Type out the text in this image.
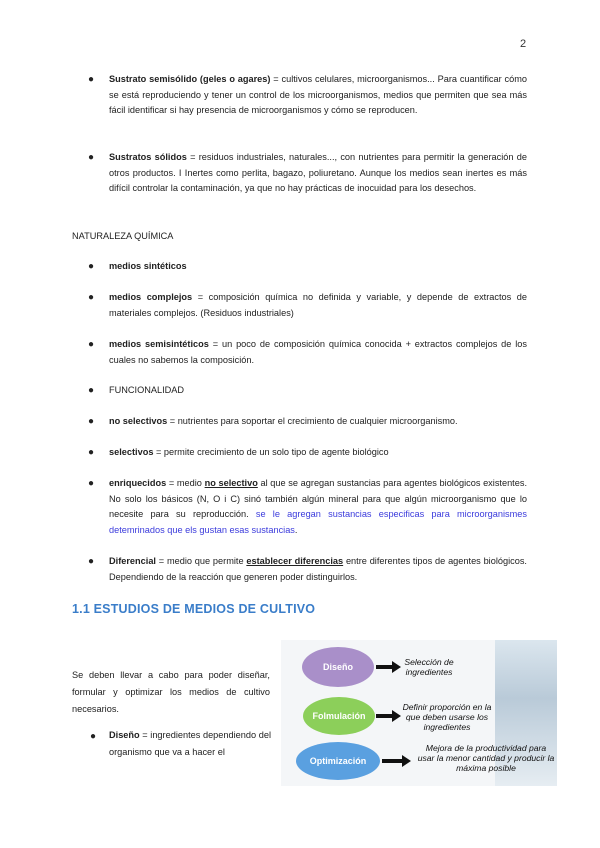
2
● Sustrato semisólido (geles o agares) = cultivos celulares, microorganismos... Para cuantificar cómo se está reproduciendo y tener un control de los microorganismos, medios que permiten que sea más fácil identificar si hay presencia de microorganismos y cómo se reproducen.
● Sustratos sólidos = residuos industriales, naturales..., con nutrientes para permitir la generación de otros productos. I Inertes como perlita, bagazo, poliuretano. Aunque los medios sean inertes es más difícil controlar la contaminación, ya que no hay prácticas de inocuidad para los desechos.
NATURALEZA QUÍMICA
● medios sintéticos
● medios complejos = composición química no definida y variable, y depende de extractos de materiales complejos. (Residuos industriales)
● medios semisintéticos = un poco de composición química conocida + extractos complejos de los cuales no sabemos la composición.
● FUNCIONALIDAD
● no selectivos = nutrientes para soportar el crecimiento de cualquier microorganismo.
● selectivos = permite crecimiento de un solo tipo de agente biológico
● enriquecidos = medio no selectivo al que se agregan sustancias para agentes biológicos existentes. No solo los básicos (N, O i C) sinó también algún mineral para que algún microorganismo que lo necesite para su reproducción. se le agregan sustancias especificas para microorganismes detemrinados que els gustan esas sustancias.
● Diferencial = medio que permite establecer diferencias entre diferentes tipos de agentes biológicos. Dependiendo de la reacción que generen poder distinguirlos.
1.1 ESTUDIOS DE MEDIOS DE CULTIVO
Se deben llevar a cabo para poder diseñar, formular y optimizar los medios de cultivo necesarios.
● Diseño = ingredientes dependiendo del organismo que va a hacer el
Diseño	Selección de ingredientes
Folmulación
Definir proporción en la que deben usarse los ingredientes
Optimización
Mejora de la productividad para usar la menor cantidad y producir la máxima posible
